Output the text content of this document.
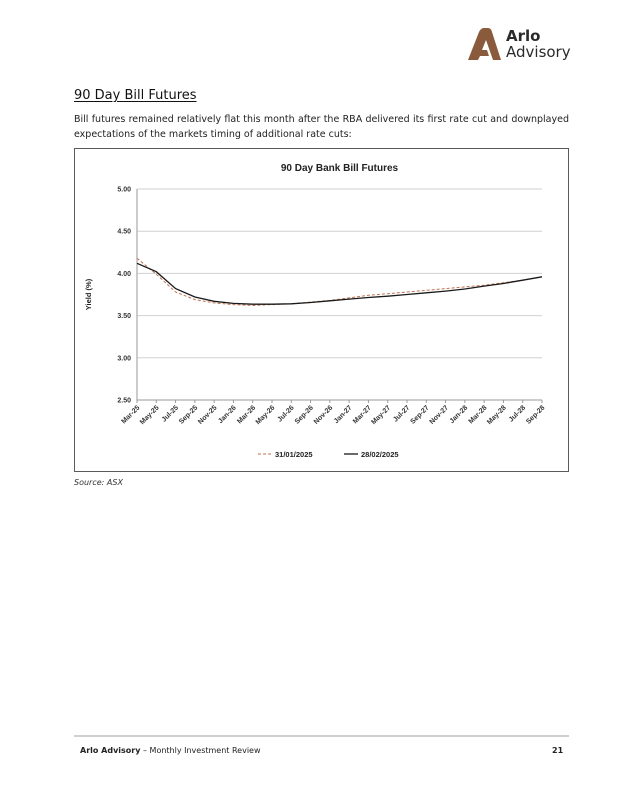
Arlo
Advisory
90 Day Bill Futures

Bill futures remained relatively flat this month after the RBA delivered its first rate cut and downplayed expectations of the markets timing of additional rate cuts:

90 Day Bank Bill Futures
5.00
4.50
4.00
3.50
3.00
2.50
Yield (%)
Mar-25
May-25 Jul-25
Sep-25
Nov-25
Jan-26
Mar-26
May-26 Jul-26
Sep-26
Nov-26
Jan-27
Mar-27
May-27 Jul-27
Sep-27
Nov-27
Jan-28
Mar-28
May-28 Jul-28
Sep-28
31/01/2025	28/02/2025
Source: ASX
Arlo Advisory – Monthly Investment Review	21
